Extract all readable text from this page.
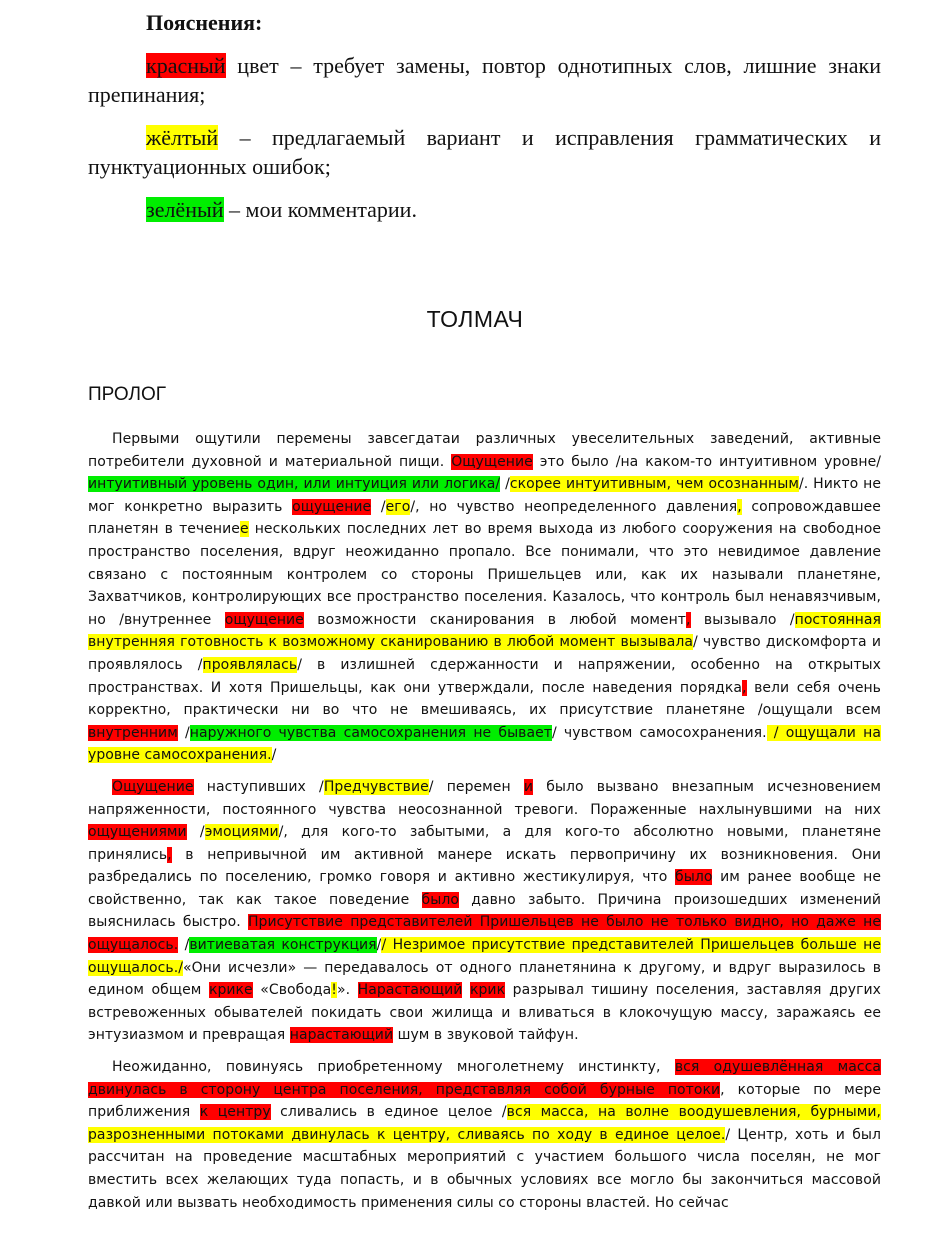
Пояснения:

красный цвет – требует замены, повтор однотипных слов, лишние знаки препинания;

жёлтый – предлагаемый вариант и исправления грамматических и пунктуационных ошибок;

зелёный – мои комментарии.

ТОЛМАЧ
ПРОЛОГ

Первыми ощутили перемены завсегдатаи различных увеселительных заведений, активные потребители духовной и материальной пищи. Ощущение это было /на каком-то интуитивном уровне/интуитивный уровень один, или интуиция или логика/ /скорее интуитивным, чем осознанным/. Никто не мог конкретно выразить ощущение /его/, но чувство неопределенного давления, сопровождавшее планетян в течениее нескольких последних лет во время выхода из любого сооружения на свободное пространство поселения, вдруг неожиданно пропало. Все понимали, что это невидимое давление связано с постоянным контролем со стороны Пришельцев или, как их называли планетяне, Захватчиков, контролирующих все пространство поселения. Казалось, что контроль был ненавязчивым, но /внутреннее ощущение возможности сканирования в любой момент, вызывало /постоянная внутренняя готовность к возможному сканированию в любой момент вызывала/ чувство дискомфорта и проявлялось /проявлялась/ в излишней сдержанности и напряжении, особенно на открытых пространствах. И хотя Пришельцы, как они утверждали, после наведения порядка, вели себя очень корректно, практически ни во что не вмешиваясь, их присутствие планетяне /ощущали всем внутренним /наружного чувства самосохранения не бывает/ чувством самосохранения. / ощущали на уровне самосохранения./

Ощущение наступивших /Предчувствие/ перемен и было вызвано внезапным исчезновением напряженности, постоянного чувства неосознанной тревоги. Пораженные нахлынувшими на них ощущениями /эмоциями/, для кого-то забытыми, а для кого-то абсолютно новыми, планетяне принялись, в непривычной им активной манере искать первопричину их возникновения. Они разбредались по поселению, громко говоря и активно жестикулируя, что было им ранее вообще не свойственно, так как такое поведение было давно забыто. Причина произошедших изменений выяснилась быстро. Присутствие представителей Пришельцев не было не только видно, но даже не ощущалось. /витиеватая конструкция// Незримое присутствие представителей Пришельцев больше не ощущалось./«Они исчезли» — передавалось от одного планетянина к другому, и вдруг выразилось в едином общем крике «Свобода!». Нарастающий крик разрывал тишину поселения, заставляя других встревоженных обывателей покидать свои жилища и вливаться в клокочущую массу, заражаясь ее энтузиазмом и превращая нарастающий шум в звуковой тайфун.

Неожиданно, повинуясь приобретенному многолетнему инстинкту, вся одушевлённая масса двинулась в сторону центра поселения, представляя собой бурные потоки, которые по мере приближения к центру сливались в единое целое /вся масса, на волне воодушевления, бурными, разрозненными потоками двинулась к центру, сливаясь по ходу в единое целое./ Центр, хоть и был рассчитан на проведение масштабных мероприятий с участием большого числа поселян, не мог вместить всех желающих туда попасть, и в обычных условиях все могло бы закончиться массовой давкой или вызвать необходимость применения силы со стороны властей. Но сейчас
